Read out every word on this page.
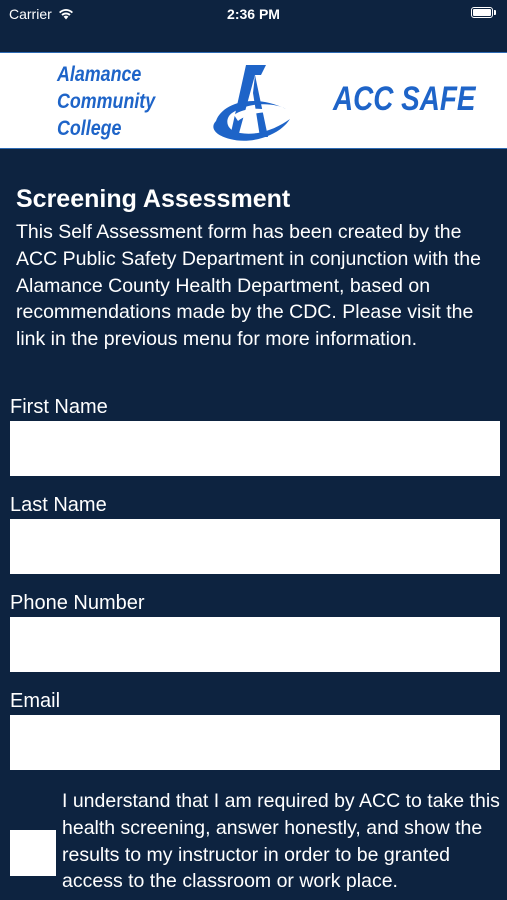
Carrier	2:36 PM
Alamance
Community
College
ACC SAFE
Screening Assessment

This Self Assessment form has been created by the ACC Public Safety Department in conjunction with the Alamance County Health Department, based on recommendations made by the CDC. Please visit the link in the previous menu for more information.

First Name
Last Name
Phone Number
Email

I understand that I am required by ACC to take this health screening, answer honestly, and show the results to my instructor in order to be granted access to the classroom or work place.
